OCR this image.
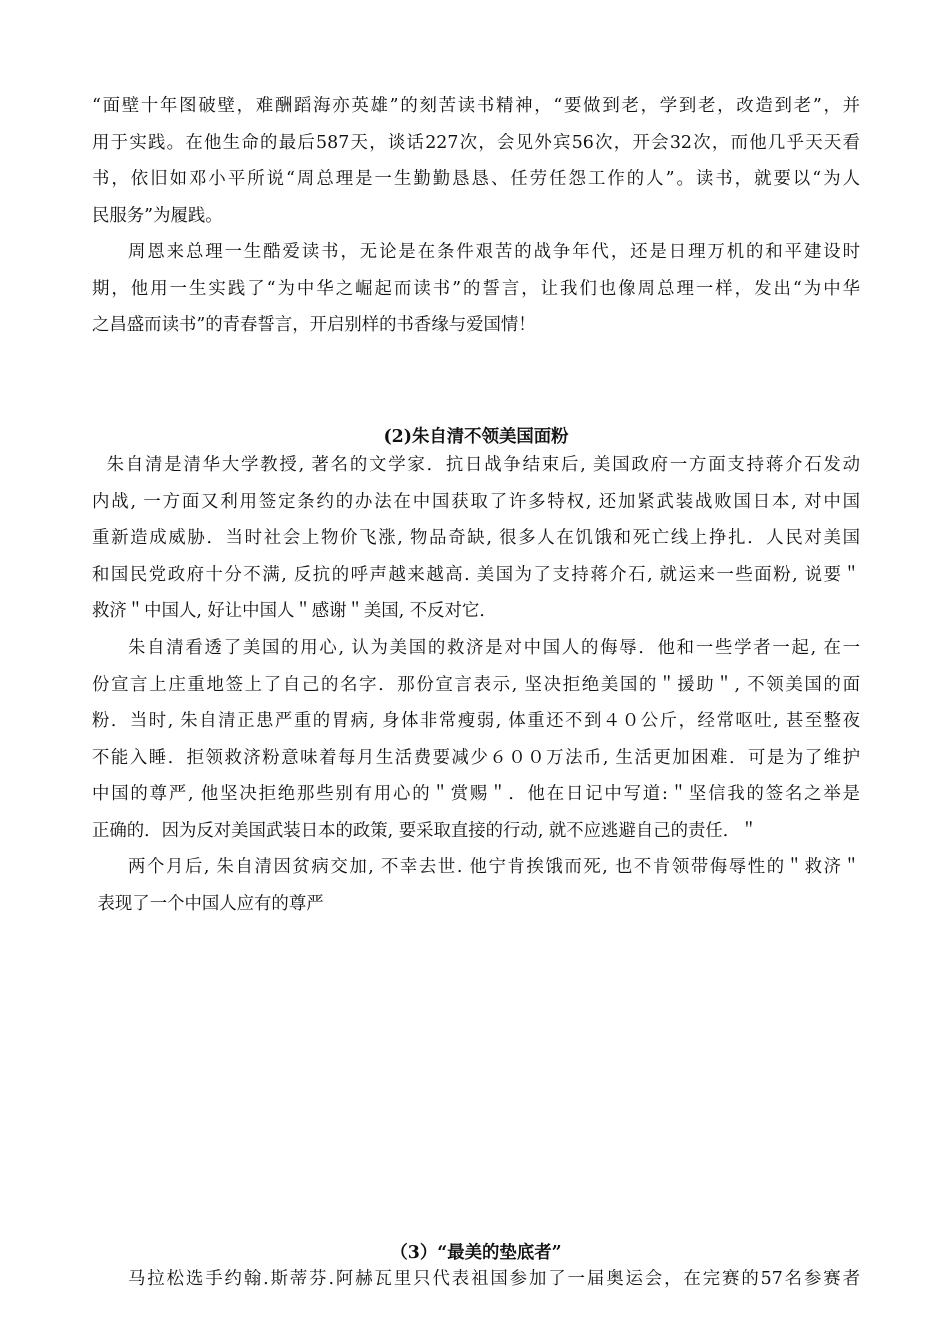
“面壁十年图破壁，难酬蹈海亦英雄”的刻苦读书精神，“要做到老，学到老，改造到老”，并
用于实践。在他生命的最后587天，谈话227次，会见外宾56次，开会32次，而他几乎天天看
书，依旧如邓小平所说“周总理是一生勤勤恳恳、任劳任怨工作的人”。读书，就要以“为人
民服务”为履践。
周恩来总理一生酷爱读书，无论是在条件艰苦的战争年代，还是日理万机的和平建设时
期，他用一生实践了“为中华之崛起而读书”的誓言，让我们也像周总理一样，发出“为中华
之昌盛而读书”的青春誓言，开启别样的书香缘与爱国情！
(2)朱自清不领美国面粉
朱自清是清华大学教授, 著名的文学家．抗日战争结束后, 美国政府一方面支持蒋介石发动
内战, 一方面又利用签定条约的办法在中国获取了许多特权, 还加紧武装战败国日本, 对中国
重新造成威胁．当时社会上物价飞涨, 物品奇缺, 很多人在饥饿和死亡线上挣扎．人民对美国
和国民党政府十分不满, 反抗的呼声越来越高. 美国为了支持蒋介石, 就运来一些面粉, 说要＂
救济＂中国人, 好让中国人＂感谢＂美国, 不反对它．
朱自清看透了美国的用心, 认为美国的救济是对中国人的侮辱．他和一些学者一起, 在一
份宣言上庄重地签上了自己的名字．那份宣言表示, 坚决拒绝美国的＂援助＂, 不领美国的面
粉．当时, 朱自清正患严重的胃病, 身体非常瘦弱, 体重还不到４０公斤，经常呕吐, 甚至整夜
不能入睡．拒领救济粉意味着每月生活费要减少６００万法币, 生活更加困难．可是为了维护
中国的尊严, 他坚决拒绝那些别有用心的＂赏赐＂．他在日记中写道:＂坚信我的签名之举是
正确的．因为反对美国武装日本的政策, 要采取直接的行动, 就不应逃避自己的责任．＂
两个月后, 朱自清因贫病交加, 不幸去世. 他宁肯挨饿而死, 也不肯领带侮辱性的＂救济＂
表现了一个中国人应有的尊严
（3）“最美的垫底者”
马拉松选手约翰.斯蒂芬.阿赫瓦里只代表祖国参加了一届奥运会，在完赛的57名参赛者
